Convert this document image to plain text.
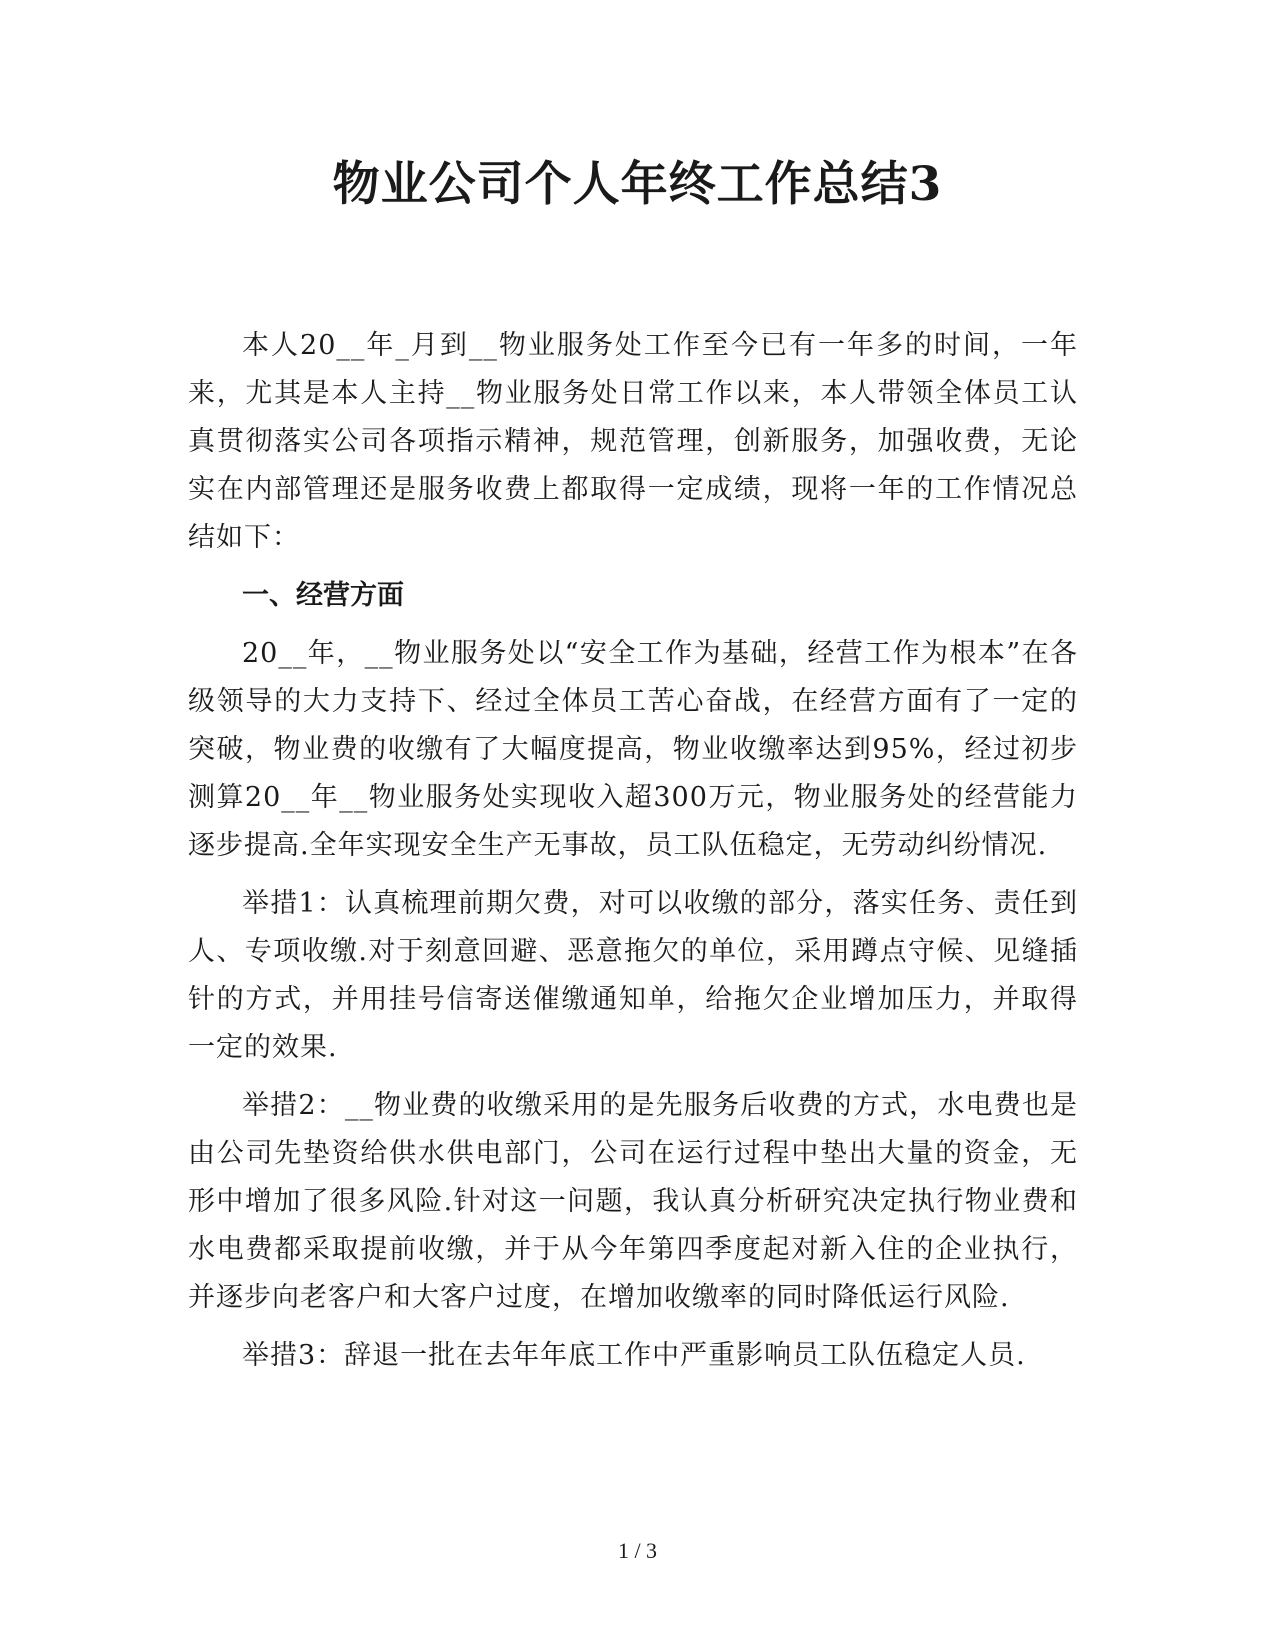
物业公司个人年终工作总结3

本人20__年_月到__物业服务处工作至今已有一年多的时间，一年来，尤其是本人主持__物业服务处日常工作以来，本人带领全体员工认真贯彻落实公司各项指示精神，规范管理，创新服务，加强收费，无论实在内部管理还是服务收费上都取得一定成绩，现将一年的工作情况总结如下：

一、经营方面

20__年，__物业服务处以“安全工作为基础，经营工作为根本”在各级领导的大力支持下、经过全体员工苦心奋战，在经营方面有了一定的突破，物业费的收缴有了大幅度提高，物业收缴率达到95%，经过初步测算20__年__物业服务处实现收入超300万元，物业服务处的经营能力逐步提高.全年实现安全生产无事故，员工队伍稳定，无劳动纠纷情况.

举措1：认真梳理前期欠费，对可以收缴的部分，落实任务、责任到人、专项收缴.对于刻意回避、恶意拖欠的单位，采用蹲点守候、见缝插针的方式，并用挂号信寄送催缴通知单，给拖欠企业增加压力，并取得一定的效果.

举措2：__物业费的收缴采用的是先服务后收费的方式，水电费也是由公司先垫资给供水供电部门，公司在运行过程中垫出大量的资金，无形中增加了很多风险.针对这一问题，我认真分析研究决定执行物业费和水电费都采取提前收缴，并于从今年第四季度起对新入住的企业执行，并逐步向老客户和大客户过度，在增加收缴率的同时降低运行风险.

举措3：辞退一批在去年年底工作中严重影响员工队伍稳定人员.

1 / 3
